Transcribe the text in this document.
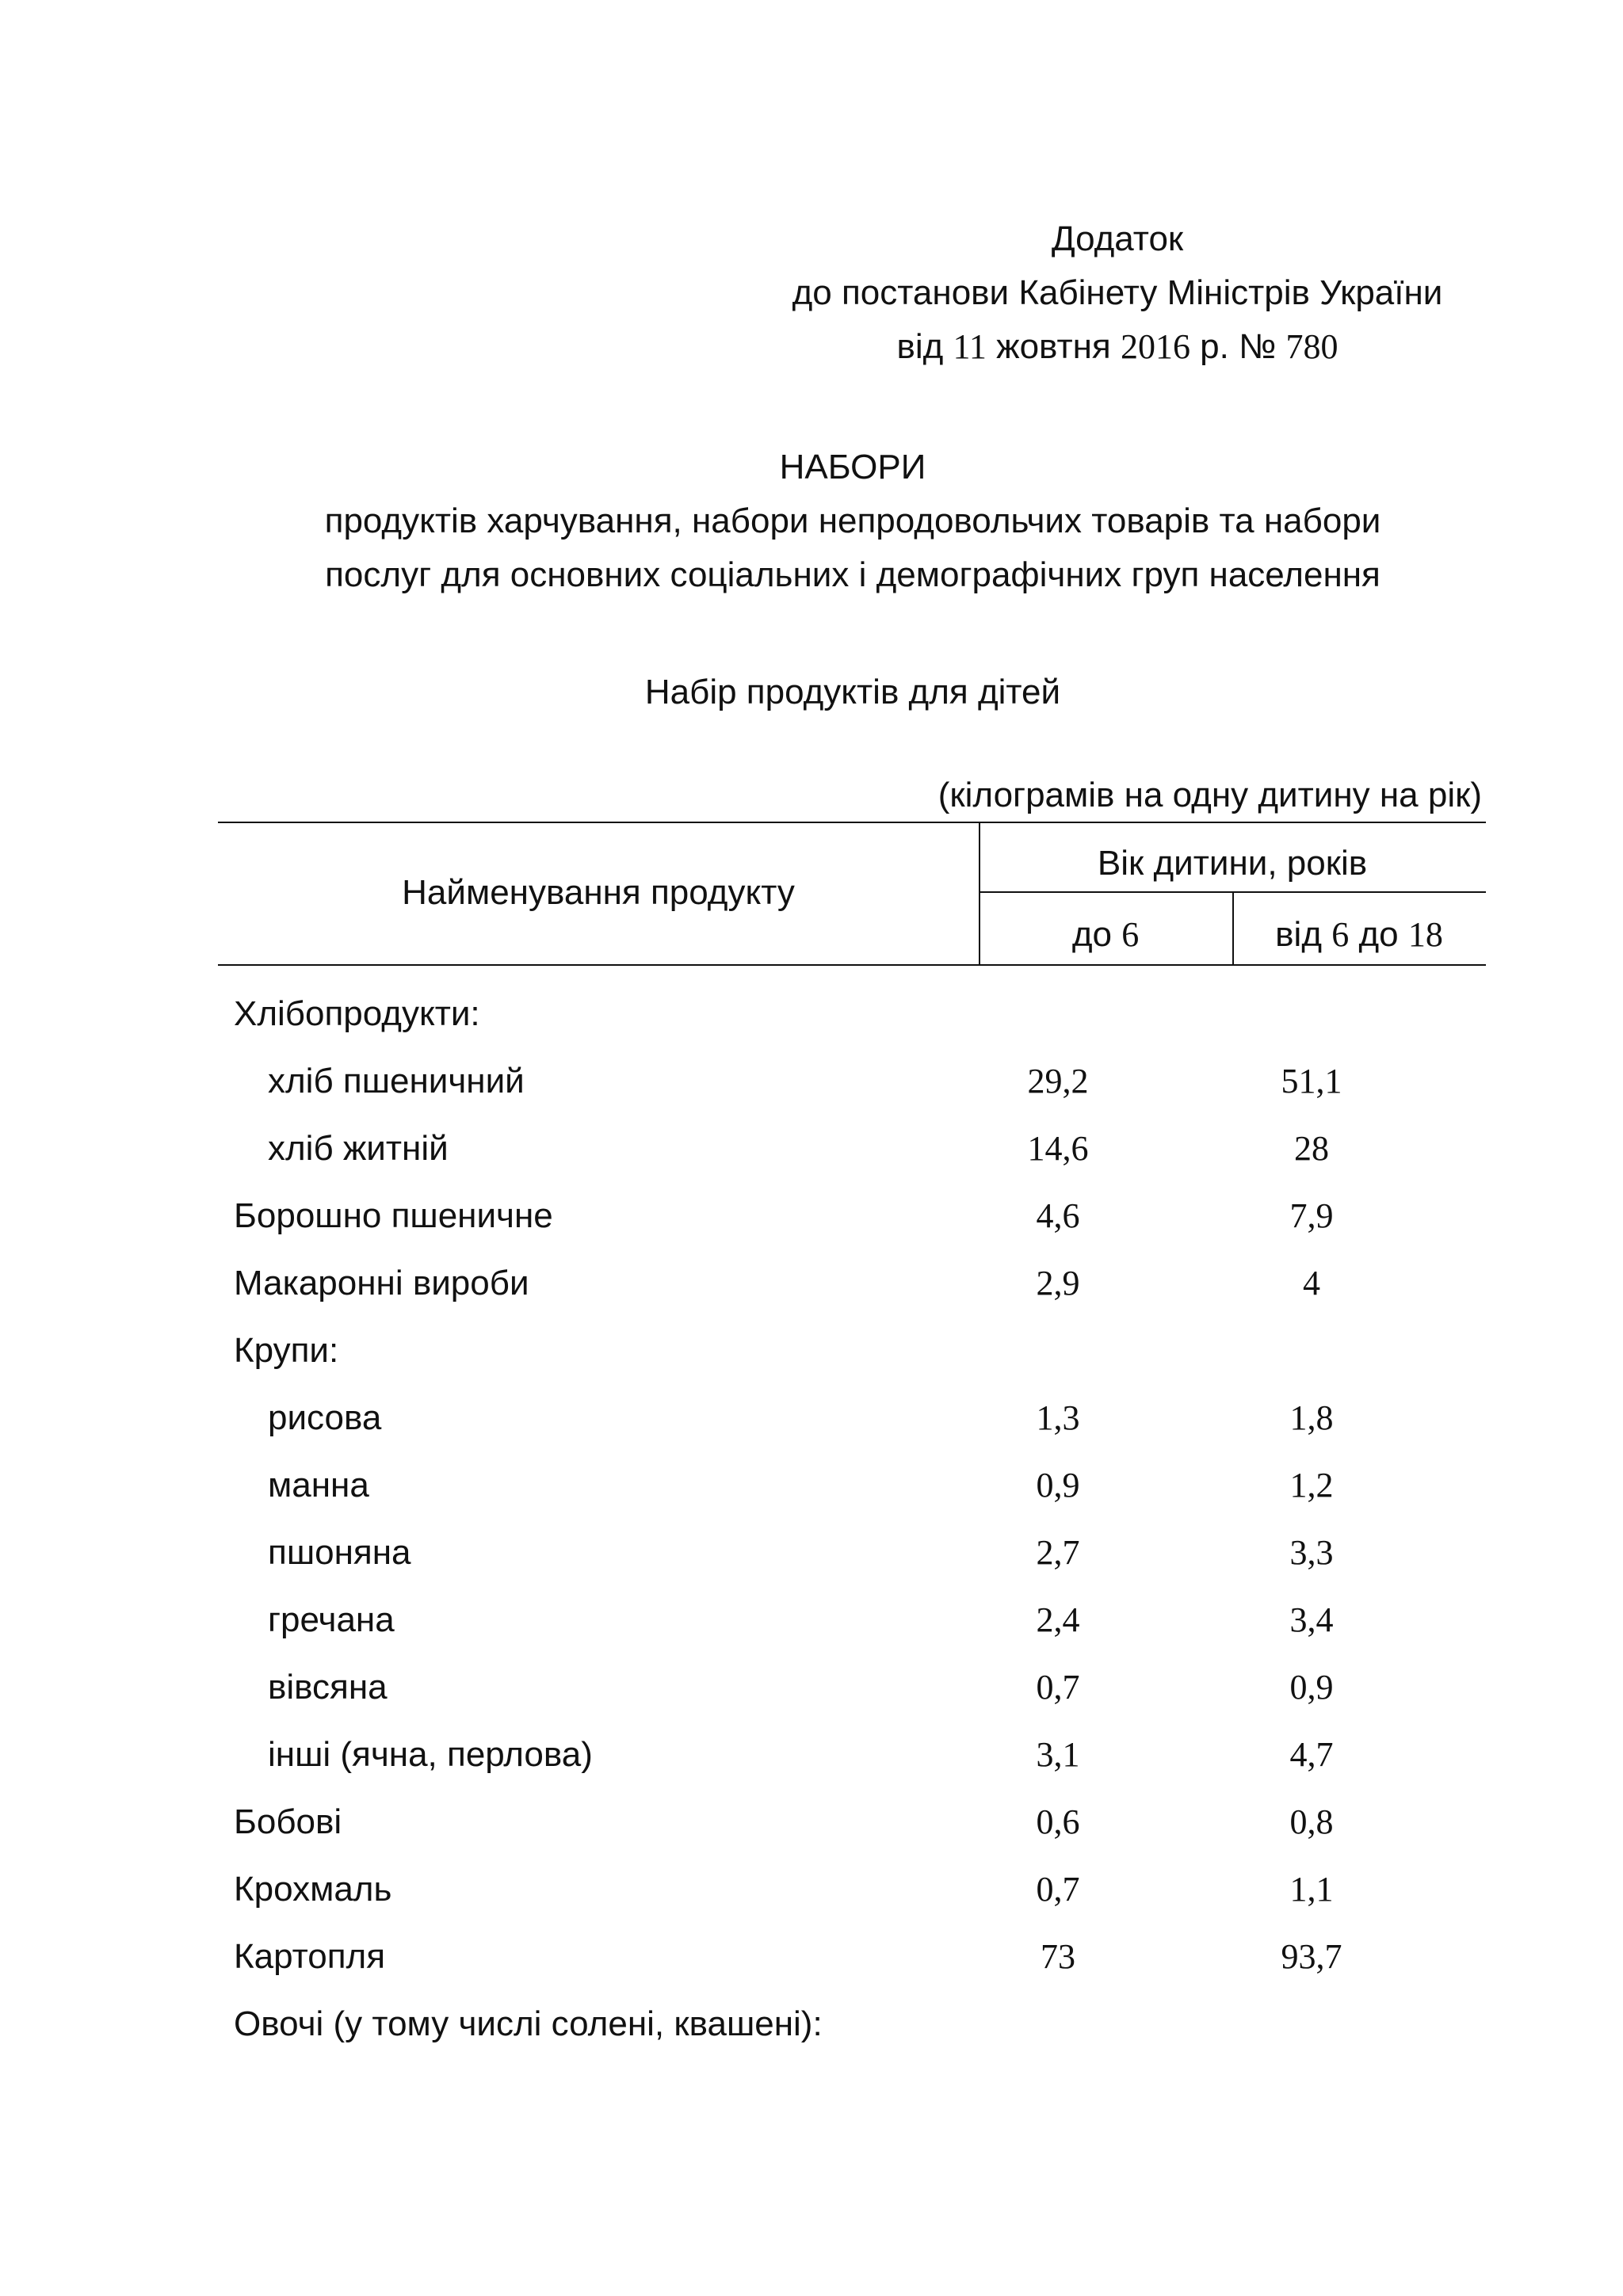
Додаток
до постанови Кабінету Міністрів України
від 11 жовтня 2016 р. № 780
НАБОРИ
продуктів харчування, набори непродовольчих товарів та набори
послуг для основних соціальних і демографічних груп населення
Набір продуктів для дітей
(кілограмів на одну дитину на рік)
Найменування продукту
Вік дитини, років
до 6	від 6 до 18
Хлібопродукти:
хліб пшеничний	29,2	51,1
хліб житній	14,6	28
Борошно пшеничне	4,6	7,9
Макаронні вироби	2,9	4
Крупи:
рисова	1,3	1,8
манна	0,9	1,2
пшоняна	2,7	3,3
гречана	2,4	3,4
вівсяна	0,7	0,9
інші (ячна, перлова)	3,1	4,7
Бобові	0,6	0,8
Крохмаль	0,7	1,1
Картопля	73	93,7
Овочі (у тому числі солені, квашені):
